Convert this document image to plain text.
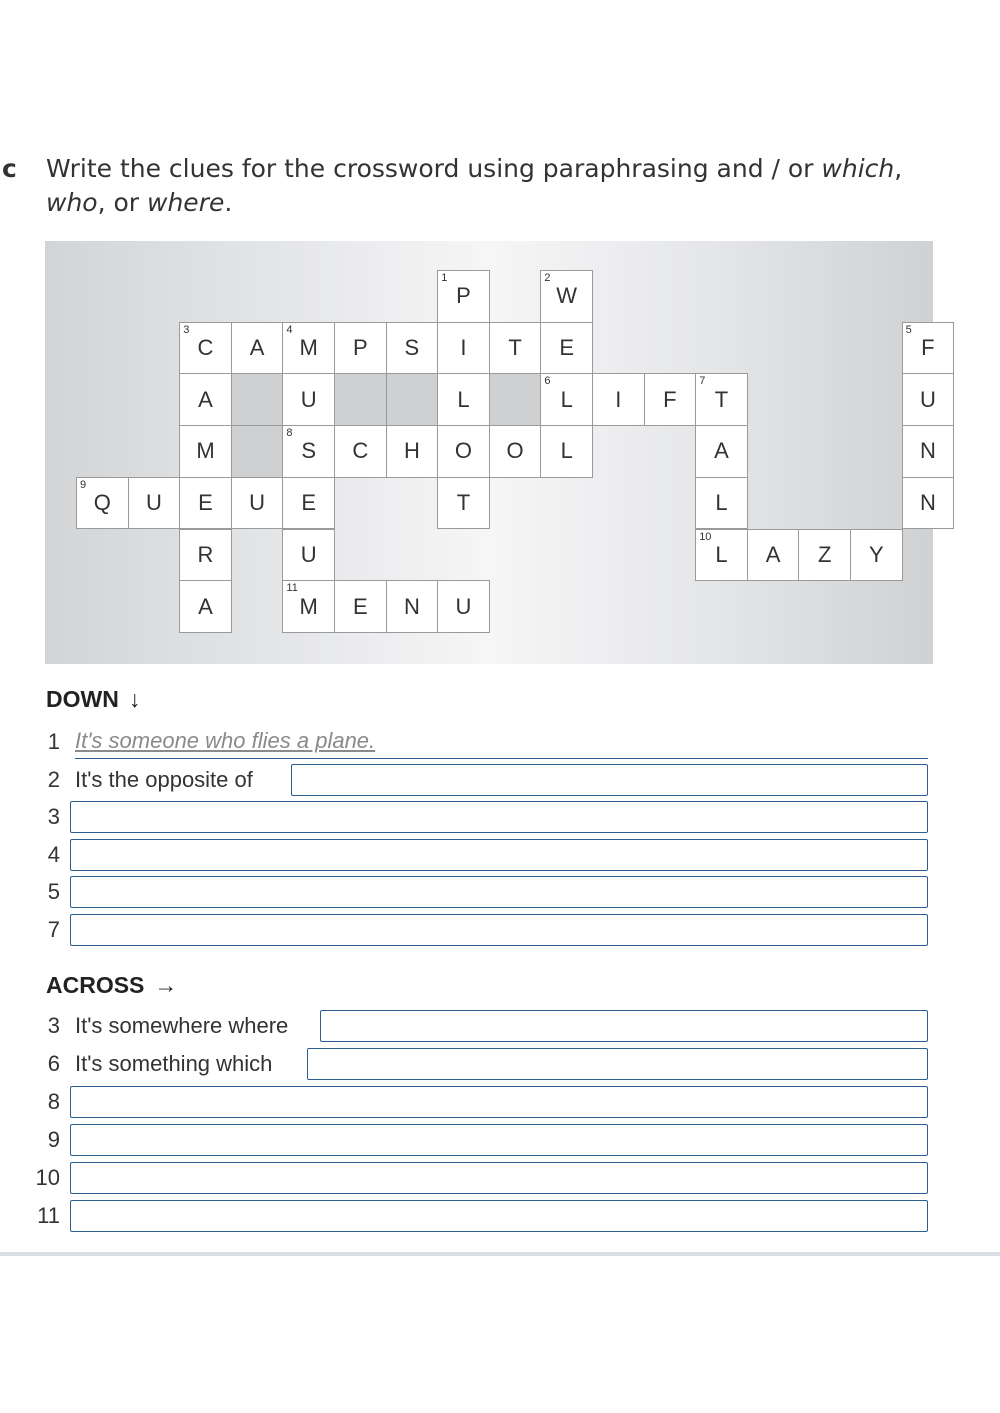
c Write the clues for the crossword using paraphrasing and / or which,
who, or where.
1
P
2
W
3
C A
4
M P S I T E
5
F
A	U	L
6
L I F
7
T	U
M
8
S C H O O L	A	N
9
Q U E U E	T	L	N
R	U
10
L A Z Y
A
11
M E N U
DOWN ↓
1 It's someone who flies a plane.
2 It's the opposite of
3
4
5
7
ACROSS →
3 It's somewhere where
6 It's something which
8
9
10
11
